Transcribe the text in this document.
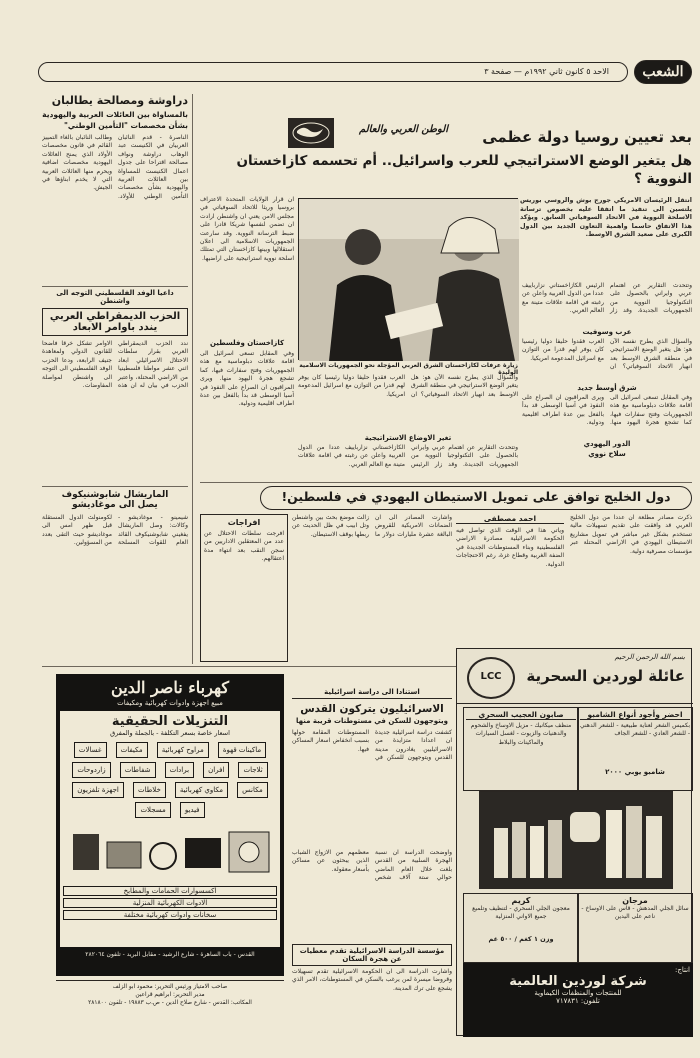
الشعب
الاحد ٥ كانون ثاني ١٩٩٢م — صفحة ٣
دراوشة ومصالحة يطالبان
بالمساواة بين العائلات العربية واليهودية
بشأن مخصصات "التأمين الوطني"
الناصرة - قدم النائبان العربيان في الكنيست عبد الوهاب دراوشة ونواف مصالحة اقتراحا على جدول اعمال الكنيست للمساواة بين العائلات العربية واليهودية بشأن مخصصات التأمين الوطني للأولاد. وطالب النائبان بالغاء التمييز القائم في قانون مخصصات الأولاد الذي يمنح العائلات اليهودية مخصصات اضافية ويحرم منها العائلات العربية التي لا يخدم ابناؤها في الجيش.
داعيا الوفد الفلسطيني التوجه الى واشنطن
الحزب الديمقراطي العربي
يندد باوامر الابعاد
ندد الحزب الديمقراطي العربي بقرار سلطات الاحتلال الاسرائيلي ابعاد اثني عشر مواطنا فلسطينيا من الاراضي المحتلة، واعتبر الحزب في بيان له ان هذه الاوامر تشكل خرقا فاضحا للقانون الدولي ولمعاهدة جنيف الرابعة، ودعا الحزب الوفد الفلسطيني الى التوجه الى واشنطن لمواصلة المفاوضات.
الماريشال شابوشنيكوف
يصل الى موغاديشو
شيمينو - موغاديشو - وكالات: وصل الماريشال يفغيني شابوشنيكوف القائد العام للقوات المسلحة لكومنولث الدول المستقلة قبل ظهر امس الى موغاديشو حيث التقى بعدد من المسؤولين.
الوطن العربي والعالم	بعد تعيين روسيا دولة عظمى
هل يتغير الوضع الاستراتيجي للعرب واسرائيل.. أم تحسمه كازاخستان النووية ؟
انتقل الرئيسان الامريكي جورج بوش والروسي بوريس يلتسين الى تنفيذ ما اتفقا عليه بخصوص ترسانة الاسلحة النووية في الاتحاد السوفياتي السابق. ويؤكد هذا الاتفاق حاسما واهمية التعاون الجديد بين الدول الكبرى على صعيد الشرق الاوسط.
زيارة عرفات لكازاخستان الشرق العربي المؤجلة نحو الجمهوريات الاسلامية الوليدة
ان قرار الولايات المتحدة الاعتراف بروسيا وريثا للاتحاد السوفياتي في مجلس الامن يعني ان واشنطن ارادت ان تضمن لنفسها شريكا قادرا على ضبط الترسانة النووية. وقد سارعت الجمهوريات الاسلامية الى اعلان استقلالها وبينها كازاخستان التي تمتلك اسلحة نووية استراتيجية على اراضيها.
كازاخستان وفلسطين
وفي المقابل تسعى اسرائيل الى اقامة علاقات دبلوماسية مع هذه الجمهوريات وفتح سفارات فيها، كما تشجع هجرة اليهود منها. ويرى المراقبون ان الصراع على النفوذ في آسيا الوسطى قد بدأ بالفعل بين عدة اطراف اقليمية ودولية.
والسؤال الذي يطرح نفسه الآن هو: هل يتغير الوضع الاستراتيجي في منطقة الشرق الاوسط بعد انهيار الاتحاد السوفياتي؟ ان العرب فقدوا حليفا دوليا رئيسيا كان يوفر لهم قدرا من التوازن مع اسرائيل المدعومة امريكيا.
تغير الاوضاع الاستراتيجية
وتتحدث التقارير عن اهتمام عربي وايراني بالحصول على التكنولوجيا النووية من الجمهوريات الجديدة. وقد زار الرئيس الكازاخستاني نزارباييف عددا من الدول العربية واعلن عن رغبته في اقامة علاقات متينة مع العالم العربي.
وتتحدث التقارير عن اهتمام عربي وايراني بالحصول على التكنولوجيا النووية من الجمهوريات الجديدة. وقد زار الرئيس الكازاخستاني نزارباييف عددا من الدول العربية واعلن عن رغبته في اقامة علاقات متينة مع العالم العربي.
عرب وسوفيت
والسؤال الذي يطرح نفسه الآن هو: هل يتغير الوضع الاستراتيجي في منطقة الشرق الاوسط بعد انهيار الاتحاد السوفياتي؟ ان العرب فقدوا حليفا دوليا رئيسيا كان يوفر لهم قدرا من التوازن مع اسرائيل المدعومة امريكيا.
شرق أوسط جديد
وفي المقابل تسعى اسرائيل الى اقامة علاقات دبلوماسية مع هذه الجمهوريات وفتح سفارات فيها، كما تشجع هجرة اليهود منها. ويرى المراقبون ان الصراع على النفوذ في آسيا الوسطى قد بدأ بالفعل بين عدة اطراف اقليمية ودولية.
الدور اليهودي
سلاح نووي
دول الخليج توافق على تمويل الاستيطان اليهودي في فلسطين!
ذكرت مصادر مطلعة ان عددا من دول الخليج العربي قد وافقت على تقديم تسهيلات مالية تستخدم بشكل غير مباشر في تمويل مشاريع الاستيطان اليهودي في الاراضي المحتلة عبر مؤسسات مصرفية دولية.
احمد مصطفى
ويأتي هذا في الوقت الذي تواصل فيه الحكومة الاسرائيلية مصادرة الاراضي الفلسطينية وبناء المستوطنات الجديدة في الضفة الغربية وقطاع غزة، رغم الاحتجاجات الدولية.
واشارت المصادر الى ان الضمانات الامريكية للقروض البالغة عشرة مليارات دولار ما زالت موضع بحث بين واشنطن وتل ابيب في ظل الحديث عن ربطها بوقف الاستيطان.
افراجات
افرجت سلطات الاحتلال عن عدد من المعتقلين الاداريين من سجن النقب بعد انتهاء مدة اعتقالهم.
كهرباء ناصر الدين
مبيع اجهزة وادوات كهربائية ومكيفات
التنزيلات الحقيقية
اسعار خاصة بسعر التكلفة - بالجملة والمفرق
ماكينات قهوة مراوح كهربائية مكيفات غسالات ثلاجات افران برادات شفاطات زاردوحات مكانس مكاوي كهربائية خلاطات اجهزة تلفزيون فيديو مسجلات
اكسسوارات الحمامات والمطابخ
الادوات الكهربائية المنزلية
سخانات وادوات كهربائية مختلفة
القدس - باب الساهرة - شارع الرشيد - مقابل البريد - تلفون ٢٨٢٠٦٤
صاحب الامتياز ورئيس التحرير: محمود ابو الزلف
مدير التحرير: ابراهيم قراعين
المكاتب: القدس - شارع صلاح الدين - ص.ب ١٩٨٨٣ - تلفون ٢٨١٨٠٠
استنادا الى دراسة اسرائيلية
الاسرائيليون يتركون القدس
ويتوجهون للسكن في مستوطنات قريبة منها
كشفت دراسة اسرائيلية جديدة ان اعدادا متزايدة من الاسرائيليين يغادرون مدينة القدس ويتوجهون للسكن في المستوطنات المقامة حولها بسبب انخفاض اسعار المساكن فيها.
واوضحت الدراسة ان نسبة الهجرة السلبية من القدس بلغت خلال العام الماضي حوالي ستة آلاف شخص معظمهم من الازواج الشباب الذين يبحثون عن مساكن بأسعار معقولة.
مؤسسة الدراسة الاسرائيلية تقدم معطيات عن هجرة السكان
واشارت الدراسة الى ان الحكومة الاسرائيلية تقدم تسهيلات وقروضا ميسرة لمن يرغب بالسكن في المستوطنات، الامر الذي يشجع على ترك المدينة.
بسم الله الرحمن الرحيم
عائلة لوردين السحرية
LCC
احضر وأجود أنواع الشامبو
بكميس الشعر لعناية طبيعية - للشعر الدهني - للشعر العادي - للشعر الجاف
شامبو يوبي ٢٠٠٠
صابون العجيب السحري
منظف ميكانيك - مزيل الاوساخ والشحوم والدهنيات والزيوت - لغسل السيارات والماكينات والبلاط
مرجان
سائل الجلي المدهش - قاس على الاوساخ - ناعم على اليدين
كريم
معجون الجلي السحري - لتنظيف وتلميع جميع الاواني المنزلية
وزن ١ كغم / ٥٠٠ غم
انتاج:
شركة لوردين العالمية
للمنتجات والمنظفات الكيماوية
تلفون: ٧١٧٨٣١
